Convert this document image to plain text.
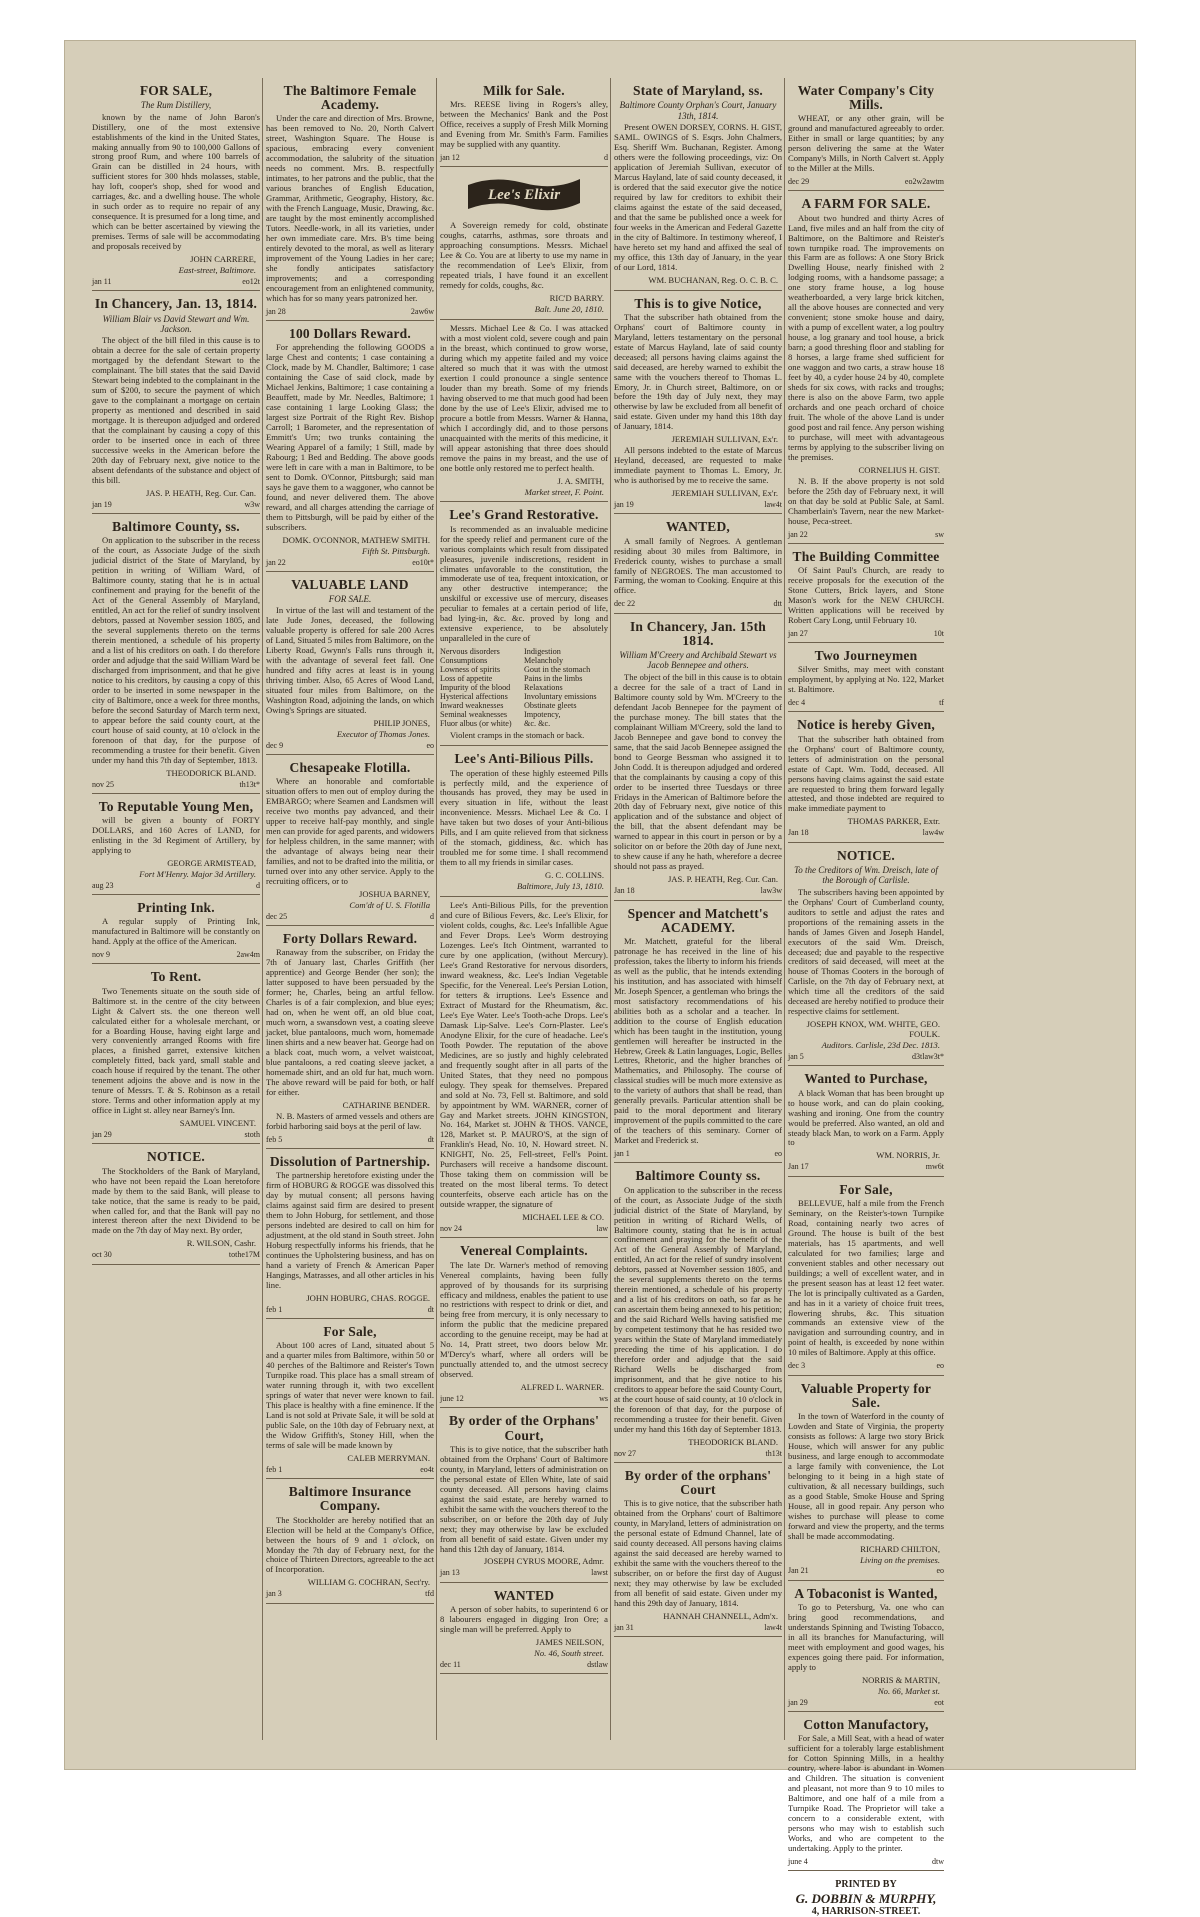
FOR SALE,
The Rum Distillery,

known by the name of John Baron's Distillery, one of the most extensive establishments of the kind in the United States, making annually from 90 to 100,000 Gallons of strong proof Rum, and where 100 barrels of Grain can be distilled in 24 hours, with sufficient stores for 300 hhds molasses, stable, hay loft, cooper's shop, shed for wood and carriages, &c. and a dwelling house. The whole in such order as to require no repair of any consequence. It is presumed for a long time, and which can be better ascertained by viewing the premises. Terms of sale will be accommodating and proposals received by

JOHN CARRERE,

East-street, Baltimore.

jan 11	eo12t
In Chancery, Jan. 13, 1814.
William Blair vs David Stewart and Wm. Jackson.

The object of the bill filed in this cause is to obtain a decree for the sale of certain property mortgaged by the defendant Stewart to the complainant. The bill states that the said David Stewart being indebted to the complainant in the sum of $200, to secure the payment of which gave to the complainant a mortgage on certain property as mentioned and described in said mortgage. It is thereupon adjudged and ordered that the complainant by causing a copy of this order to be inserted once in each of three successive weeks in the American before the 20th day of February next, give notice to the absent defendants of the substance and object of this bill.

JAS. P. HEATH, Reg. Cur. Can.

jan 19	w3w
Baltimore County, ss.

On application to the subscriber in the recess of the court, as Associate Judge of the sixth judicial district of the State of Maryland, by petition in writing of William Ward, of Baltimore county, stating that he is in actual confinement and praying for the benefit of the Act of the General Assembly of Maryland, entitled, An act for the relief of sundry insolvent debtors, passed at November session 1805, and the several supplements thereto on the terms therein mentioned, a schedule of his property and a list of his creditors on oath. I do therefore order and adjudge that the said William Ward be discharged from imprisonment, and that he give notice to his creditors, by causing a copy of this order to be inserted in some newspaper in the city of Baltimore, once a week for three months, before the second Saturday of March term next, to appear before the said county court, at the court house of said county, at 10 o'clock in the forenoon of that day, for the purpose of recommending a trustee for their benefit. Given under my hand this 7th day of September, 1813.

THEODORICK BLAND.

nov 25	th13t*
To Reputable Young Men,

will be given a bounty of FORTY DOLLARS, and 160 Acres of LAND, for enlisting in the 3d Regiment of Artillery, by applying to

GEORGE ARMISTEAD,

Fort M'Henry. Major 3d Artillery.

aug 23	d
Printing Ink.

A regular supply of Printing Ink, manufactured in Baltimore will be constantly on hand. Apply at the office of the American.

nov 9	2aw4m
To Rent.

Two Tenements situate on the south side of Baltimore st. in the centre of the city between Light & Calvert sts. the one thereon well calculated either for a wholesale merchant, or for a Boarding House, having eight large and very conveniently arranged Rooms with fire places, a finished garret, extensive kitchen completely fitted, back yard, small stable and coach house if required by the tenant. The other tenement adjoins the above and is now in the tenure of Messrs. T. & S. Robinson as a retail store. Terms and other information apply at my office in Light st. alley near Barney's Inn.

SAMUEL VINCENT.

jan 29	stoth
NOTICE.

The Stockholders of the Bank of Maryland, who have not been repaid the Loan heretofore made by them to the said Bank, will please to take notice, that the same is ready to be paid, when called for, and that the Bank will pay no interest thereon after the next Dividend to be made on the 7th day of May next. By order,

R. WILSON, Cashr.

oct 30	tothe17M
The Baltimore Female Academy.

Under the care and direction of Mrs. Browne, has been removed to No. 20, North Calvert street, Washington Square. The House is spacious, embracing every convenient accommodation, the salubrity of the situation needs no comment. Mrs. B. respectfully intimates, to her patrons and the public, that the various branches of English Education, Grammar, Arithmetic, Geography, History, &c. with the French Language, Music, Drawing, &c. are taught by the most eminently accomplished Tutors. Needle-work, in all its varieties, under her own immediate care. Mrs. B's time being entirely devoted to the moral, as well as literary improvement of the Young Ladies in her care; she fondly anticipates satisfactory improvements; and a corresponding encouragement from an enlightened community, which has for so many years patronized her.

jan 28	2aw6w
100 Dollars Reward.

For apprehending the following GOODS a large Chest and contents; 1 case containing a Clock, made by M. Chandler, Baltimore; 1 case containing the Case of said clock, made by Michael Jenkins, Baltimore; 1 case containing a Beauffett, made by Mr. Needles, Baltimore; 1 case containing 1 large Looking Glass; the largest size Portrait of the Right Rev. Bishop Carroll; 1 Barometer, and the representation of Emmitt's Urn; two trunks containing the Wearing Apparel of a family; 1 Still, made by Rabourg; 1 Bed and Bedding. The above goods were left in care with a man in Baltimore, to be sent to Domk. O'Connor, Pittsburgh; said man says he gave them to a waggoner, who cannot be found, and never delivered them. The above reward, and all charges attending the carriage of them to Pittsburgh, will be paid by either of the subscribers.

DOMK. O'CONNOR, MATHEW SMITH.

Fifth St. Pittsburgh.

jan 22	eo10t*
VALUABLE LAND
FOR SALE.

In virtue of the last will and testament of the late Jude Jones, deceased, the following valuable property is offered for sale 200 Acres of Land, Situated 5 miles from Baltimore, on the Liberty Road, Gwynn's Falls runs through it, with the advantage of several feet fall. One hundred and fifty acres at least is in young thriving timber. Also, 65 Acres of Wood Land, situated four miles from Baltimore, on the Washington Road, adjoining the lands, on which Owing's Springs are situated.

PHILIP JONES,

Executor of Thomas Jones.

dec 9	eo
Chesapeake Flotilla.

Where an honorable and comfortable situation offers to men out of employ during the EMBARGO; where Seamen and Landsmen will receive two months pay advanced, and their upper to receive half-pay monthly, and single men can provide for aged parents, and widowers for helpless children, in the same manner; with the advantage of always being near their families, and not to be drafted into the militia, or turned over into any other service. Apply to the recruiting officers, or to

JOSHUA BARNEY,

Com'dt of U. S. Flotilla

dec 25	d
Forty Dollars Reward.

Ranaway from the subscriber, on Friday the 7th of January last, Charles Griffith (her apprentice) and George Bender (her son); the latter supposed to have been persuaded by the former; he, Charles, being an artful fellow. Charles is of a fair complexion, and blue eyes; had on, when he went off, an old blue coat, much worn, a swansdown vest, a coating sleeve jacket, blue pantaloons, much worn, homemade linen shirts and a new beaver hat. George had on a black coat, much worn, a velvet waistcoat, blue pantaloons, a red coating sleeve jacket, a homemade shirt, and an old fur hat, much worn. The above reward will be paid for both, or half for either.

CATHARINE BENDER.

N. B. Masters of armed vessels and others are forbid harboring said boys at the peril of law.

feb 5	dt
Dissolution of Partnership.

The partnership heretofore existing under the firm of HOBURG & ROGGE was dissolved this day by mutual consent; all persons having claims against said firm are desired to present them to John Hoburg, for settlement, and those persons indebted are desired to call on him for adjustment, at the old stand in South street. John Hoburg respectfully informs his friends, that he continues the Upholstering business, and has on hand a variety of French & American Paper Hangings, Matrasses, and all other articles in his line.

JOHN HOBURG, CHAS. ROGGE.

feb 1	dt
For Sale,

About 100 acres of Land, situated about 5 and a quarter miles from Baltimore, within 50 or 40 perches of the Baltimore and Reister's Town Turnpike road. This place has a small stream of water running through it, with two excellent springs of water that never were known to fail. This place is healthy with a fine eminence. If the Land is not sold at Private Sale, it will be sold at public Sale, on the 10th day of February next, at the Widow Griffith's, Stoney Hill, when the terms of sale will be made known by

CALEB MERRYMAN.

feb 1	eo4t
Baltimore Insurance Company.

The Stockholder are hereby notified that an Election will be held at the Company's Office, between the hours of 9 and 1 o'clock, on Monday the 7th day of February next, for the choice of Thirteen Directors, agreeable to the act of Incorporation.

WILLIAM G. COCHRAN, Sect'ry.

jan 3	tfd
Milk for Sale.

Mrs. REESE living in Rogers's alley, between the Mechanics' Bank and the Post Office, receives a supply of Fresh Milk Morning and Evening from Mr. Smith's Farm. Families may be supplied with any quantity.

jan 12	d
Lee's Elixir

A Sovereign remedy for cold, obstinate coughs, catarrhs, asthmas, sore throats and approaching consumptions. Messrs. Michael Lee & Co. You are at liberty to use my name in the recommendation of Lee's Elixir, from repeated trials, I have found it an excellent remedy for colds, coughs, &c.

RIC'D BARRY.

Balt. June 20, 1810.

Messrs. Michael Lee & Co. I was attacked with a most violent cold, severe cough and pain in the breast, which continued to grow worse, during which my appetite failed and my voice altered so much that it was with the utmost exertion I could pronounce a single sentence louder than my breath. Some of my friends having observed to me that much good had been done by the use of Lee's Elixir, advised me to procure a bottle from Messrs. Warner & Hanna, which I accordingly did, and to those persons unacquainted with the merits of this medicine, it will appear astonishing that three does should remove the pains in my breast, and the use of one bottle only restored me to perfect health.

J. A. SMITH,

Market street, F. Point.

Lee's Grand Restorative.

Is recommended as an invaluable medicine for the speedy relief and permanent cure of the various complaints which result from dissipated pleasures, juvenile indiscretions, resident in climates unfavorable to the constitution, the immoderate use of tea, frequent intoxication, or any other destructive intemperance; the unskilful or excessive use of mercury, diseases peculiar to females at a certain period of life, bad lying-in, &c. &c. proved by long and extensive experience, to be absolutely unparalleled in the cure of

Nervous disorders	Indigestion
Consumptions	Melancholy
Lowness of spirits	Gout in the stomach
Loss of appetite	Pains in the limbs
Impurity of the blood	Relaxations
Hysterical affections	Involuntary emissions
Inward weaknesses	Obstinate gleets
Seminal weaknesses	Impotency,
Fluor albus (or white)	&c. &c.

Violent cramps in the stomach or back.

Lee's Anti-Bilious Pills.

The operation of these highly esteemed Pills is perfectly mild, and the experience of thousands has proved, they may be used in every situation in life, without the least inconvenience. Messrs. Michael Lee & Co. I have taken but two doses of your Anti-bilious Pills, and I am quite relieved from that sickness of the stomach, giddiness, &c. which has troubled me for some time. I shall recommend them to all my friends in similar cases.

G. C. COLLINS.

Baltimore, July 13, 1810.

Lee's Anti-Bilious Pills, for the prevention and cure of Bilious Fevers, &c. Lee's Elixir, for violent colds, coughs, &c. Lee's Infallible Ague and Fever Drops. Lee's Worm destroying Lozenges. Lee's Itch Ointment, warranted to cure by one application, (without Mercury). Lee's Grand Restorative for nervous disorders, inward weakness, &c. Lee's Indian Vegetable Specific, for the Venereal. Lee's Persian Lotion, for tetters & irruptions. Lee's Essence and Extract of Mustard for the Rheumatism, &c. Lee's Eye Water. Lee's Tooth-ache Drops. Lee's Damask Lip-Salve. Lee's Corn-Plaster. Lee's Anodyne Elixir, for the cure of headache. Lee's Tooth Powder. The reputation of the above Medicines, are so justly and highly celebrated and frequently sought after in all parts of the United States, that they need no pompous eulogy. They speak for themselves. Prepared and sold at No. 73, Fell st. Baltimore, and sold by appointment by WM. WARNER, corner of Gay and Market streets. JOHN KINGSTON, No. 164, Market st. JOHN & THOS. VANCE, 128, Market st. P. MAURO'S, at the sign of Franklin's Head, No. 10, N. Howard street. N. KNIGHT, No. 25, Fell-street, Fell's Point. Purchasers will receive a handsome discount. Those taking them on commission will be treated on the most liberal terms. To detect counterfeits, observe each article has on the outside wrapper, the signature of

MICHAEL LEE & CO.

nov 24	law
Venereal Complaints.

The late Dr. Warner's method of removing Venereal complaints, having been fully approved of by thousands for its surprising efficacy and mildness, enables the patient to use no restrictions with respect to drink or diet, and being free from mercury, it is only necessary to inform the public that the medicine prepared according to the genuine receipt, may be had at No. 14, Pratt street, two doors below Mr. M'Dercy's wharf, where all orders will be punctually attended to, and the utmost secrecy observed.

ALFRED L. WARNER.

june 12	ws
By order of the Orphans' Court,

This is to give notice, that the subscriber hath obtained from the Orphans' Court of Baltimore county, in Maryland, letters of administration on the personal estate of Ellen White, late of said county deceased. All persons having claims against the said estate, are hereby warned to exhibit the same with the vouchers thereof to the subscriber, on or before the 20th day of July next; they may otherwise by law be excluded from all benefit of said estate. Given under my hand this 12th day of January, 1814.

JOSEPH CYRUS MOORE, Admr.

jan 13	lawst
WANTED

A person of sober habits, to superintend 6 or 8 labourers engaged in digging Iron Ore; a single man will be preferred. Apply to

JAMES NEILSON,

No. 46, South street.

dec 11	dstlaw
State of Maryland, ss.
Baltimore County Orphan's Court, January 13th, 1814.

Present OWEN DORSEY, CORNS. H. GIST, SAML. OWINGS of S. Esqrs. John Chalmers, Esq. Sheriff Wm. Buchanan, Register. Among others were the following proceedings, viz: On application of Jeremiah Sullivan, executor of Marcus Hayland, late of said county deceased, it is ordered that the said executor give the notice required by law for creditors to exhibit their claims against the estate of the said deceased, and that the same be published once a week for four weeks in the American and Federal Gazette in the city of Baltimore. In testimony whereof, I have hereto set my hand and affixed the seal of my office, this 13th day of January, in the year of our Lord, 1814.

WM. BUCHANAN, Reg. O. C. B. C.

This is to give Notice,

That the subscriber hath obtained from the Orphans' court of Baltimore county in Maryland, letters testamentary on the personal estate of Marcus Hayland, late of said county deceased; all persons having claims against the said deceased, are hereby warned to exhibit the same with the vouchers thereof to Thomas L. Emory, Jr. in Church street, Baltimore, on or before the 19th day of July next, they may otherwise by law be excluded from all benefit of said estate. Given under my hand this 18th day of January, 1814.

JEREMIAH SULLIVAN, Ex'r.

All persons indebted to the estate of Marcus Heyland, deceased, are requested to make immediate payment to Thomas L. Emory, Jr. who is authorised by me to receive the same.

JEREMIAH SULLIVAN, Ex'r.

jan 19	law4t
WANTED,

A small family of Negroes. A gentleman residing about 30 miles from Baltimore, in Frederick county, wishes to purchase a small family of NEGROES. The man accustomed to Farming, the woman to Cooking. Enquire at this office.

dec 22	dtt
In Chancery, Jan. 15th 1814.
William M'Creery and Archibald Stewart vs Jacob Bennepee and others.

The object of the bill in this cause is to obtain a decree for the sale of a tract of Land in Baltimore county sold by Wm. M'Creery to the defendant Jacob Bennepee for the payment of the purchase money. The bill states that the complainant William M'Creery, sold the land to Jacob Bennepee and gave bond to convey the same, that the said Jacob Bennepee assigned the bond to George Bessman who assigned it to John Codd. It is thereupon adjudged and ordered that the complainants by causing a copy of this order to be inserted three Tuesdays or three Fridays in the American of Baltimore before the 20th day of February next, give notice of this application and of the substance and object of the bill, that the absent defendant may be warned to appear in this court in person or by a solicitor on or before the 20th day of June next, to shew cause if any he hath, wherefore a decree should not pass as prayed.

JAS. P. HEATH, Reg. Cur. Can.

Jan 18	law3w
Spencer and Matchett's ACADEMY.

Mr. Matchett, grateful for the liberal patronage he has received in the line of his profession, takes the liberty to inform his friends as well as the public, that he intends extending his institution, and has associated with himself Mr. Joseph Spencer, a gentleman who brings the most satisfactory recommendations of his abilities both as a scholar and a teacher. In addition to the course of English education which has been taught in the institution, young gentlemen will hereafter be instructed in the Hebrew, Greek & Latin languages, Logic, Belles Lettres, Rhetoric, and the higher branches of Mathematics, and Philosophy. The course of classical studies will be much more extensive as to the variety of authors that shall be read, than generally prevails. Particular attention shall be paid to the moral deportment and literary improvement of the pupils committed to the care of the teachers of this seminary. Corner of Market and Frederick st.

jan 1	eo
Baltimore County ss.

On application to the subscriber in the recess of the court, as Associate Judge of the sixth judicial district of the State of Maryland, by petition in writing of Richard Wells, of Baltimore county, stating that he is in actual confinement and praying for the benefit of the Act of the General Assembly of Maryland, entitled, An act for the relief of sundry insolvent debtors, passed at November session 1805, and the several supplements thereto on the terms therein mentioned, a schedule of his property and a list of his creditors on oath, so far as he can ascertain them being annexed to his petition; and the said Richard Wells having satisfied me by competent testimony that he has resided two years within the State of Maryland immediately preceding the time of his application. I do therefore order and adjudge that the said Richard Wells be discharged from imprisonment, and that he give notice to his creditors to appear before the said County Court, at the court house of said county, at 10 o'clock in the forenoon of that day, for the purpose of recommending a trustee for their benefit. Given under my hand this 16th day of September 1813.

THEODORICK BLAND.

nov 27	th13t
By order of the orphans' Court

This is to give notice, that the subscriber hath obtained from the Orphans' court of Baltimore county, in Maryland, letters of administration on the personal estate of Edmund Channel, late of said county deceased. All persons having claims against the said deceased are hereby warned to exhibit the same with the vouchers thereof to the subscriber, on or before the first day of August next; they may otherwise by law be excluded from all benefit of said estate. Given under my hand this 29th day of January, 1814.

HANNAH CHANNELL, Adm'x.

jan 31	law4t
Water Company's City Mills.

WHEAT, or any other grain, will be ground and manufactured agreeably to order. Either in small or large quantities; by any person delivering the same at the Water Company's Mills, in North Calvert st. Apply to the Miller at the Mills.

dec 29	eo2w2awtm
A FARM FOR SALE.

About two hundred and thirty Acres of Land, five miles and an half from the city of Baltimore, on the Baltimore and Reister's town turnpike road. The improvements on this Farm are as follows: A one Story Brick Dwelling House, nearly finished with 2 lodging rooms, with a handsome passage; a one story frame house, a log house weatherboarded, a very large brick kitchen, all the above houses are connected and very convenient; stone smoke house and dairy, with a pump of excellent water, a log poultry house, a log granary and tool house, a brick barn; a good threshing floor and stabling for 8 horses, a large frame shed sufficient for one waggon and two carts, a straw house 18 feet by 40, a cyder house 24 by 40, complete sheds for six cows, with racks and troughs; there is also on the above Farm, two apple orchards and one peach orchard of choice fruit. The whole of the above Land is under good post and rail fence. Any person wishing to purchase, will meet with advantageous terms by applying to the subscriber living on the premises.

CORNELIUS H. GIST.

N. B. If the above property is not sold before the 25th day of February next, it will on that day be sold at Public Sale, at Saml. Chamberlain's Tavern, near the new Market-house, Peca-street.

jan 22	sw
The Building Committee

Of Saint Paul's Church, are ready to receive proposals for the execution of the Stone Cutters, Brick layers, and Stone Mason's work for the NEW CHURCH. Written applications will be received by Robert Cary Long, until February 10.

jan 27	10t
Two Journeymen

Silver Smiths, may meet with constant employment, by applying at No. 122, Market st. Baltimore.

dec 4	tf
Notice is hereby Given,

That the subscriber hath obtained from the Orphans' court of Baltimore county, letters of administration on the personal estate of Capt. Wm. Todd, deceased. All persons having claims against the said estate are requested to bring them forward legally attested, and those indebted are required to make immediate payment to

THOMAS PARKER, Extr.

Jan 18	law4w
NOTICE.
To the Creditors of Wm. Dreisch, late of the Borough of Carlisle.

The subscribers having been appointed by the Orphans' Court of Cumberland county, auditors to settle and adjust the rates and proportions of the remaining assets in the hands of James Given and Joseph Handel, executors of the said Wm. Dreisch, deceased; due and payable to the respective creditors of said deceased, will meet at the house of Thomas Cooters in the borough of Carlisle, on the 7th day of February next, at which time all the creditors of the said deceased are hereby notified to produce their respective claims for settlement.

JOSEPH KNOX, WM. WHITE, GEO. FOULK.

Auditors. Carlisle, 23d Dec. 1813.

jan 5	d3tlaw3t*
Wanted to Purchase,

A black Woman that has been brought up to house work, and can do plain cooking, washing and ironing. One from the country would be preferred. Also wanted, an old and steady black Man, to work on a Farm. Apply to

WM. NORRIS, Jr.

Jan 17	mw6t
For Sale,

BELLEVUE, half a mile from the French Seminary, on the Reister's-town Turnpike Road, containing nearly two acres of Ground. The house is built of the best materials, has 15 apartments, and well calculated for two families; large and convenient stables and other necessary out buildings; a well of excellent water, and in the present season has at least 12 feet water. The lot is principally cultivated as a Garden, and has in it a variety of choice fruit trees, flowering shrubs, &c. This situation commands an extensive view of the navigation and surrounding country, and in point of health, is exceeded by none within 10 miles of Baltimore. Apply at this office.

dec 3	eo
Valuable Property for Sale.

In the town of Waterford in the county of Lowden and State of Virginia, the property consists as follows: A large two story Brick House, which will answer for any public business, and large enough to accommodate a large family with convenience, the Lot belonging to it being in a high state of cultivation, & all necessary buildings, such as a good Stable, Smoke House and Spring House, all in good repair. Any person who wishes to purchase will please to come forward and view the property, and the terms shall be made accommodating.

RICHARD CHILTON,

Living on the premises.

Jan 21	eo
A Tobaconist is Wanted,

To go to Petersburg, Va. one who can bring good recommendations, and understands Spinning and Twisting Tobacco, in all its branches for Manufacturing, will meet with employment and good wages, his expences going there paid. For information, apply to

NORRIS & MARTIN,

No. 66, Market st.

jan 29	eot
Cotton Manufactory,

For Sale, a Mill Seat, with a head of water sufficient for a tolerably large establishment for Cotton Spinning Mills, in a healthy country, where labor is abundant in Women and Children. The situation is convenient and pleasant, not more than 9 to 10 miles to Baltimore, and one half of a mile from a Turnpike Road. The Proprietor will take a concern to a considerable extent, with persons who may wish to establish such Works, and who are competent to the undertaking. Apply to the printer.

june 4	dtw
PRINTED BY
G. DOBBIN & MURPHY,
4, HARRISON-STREET.
